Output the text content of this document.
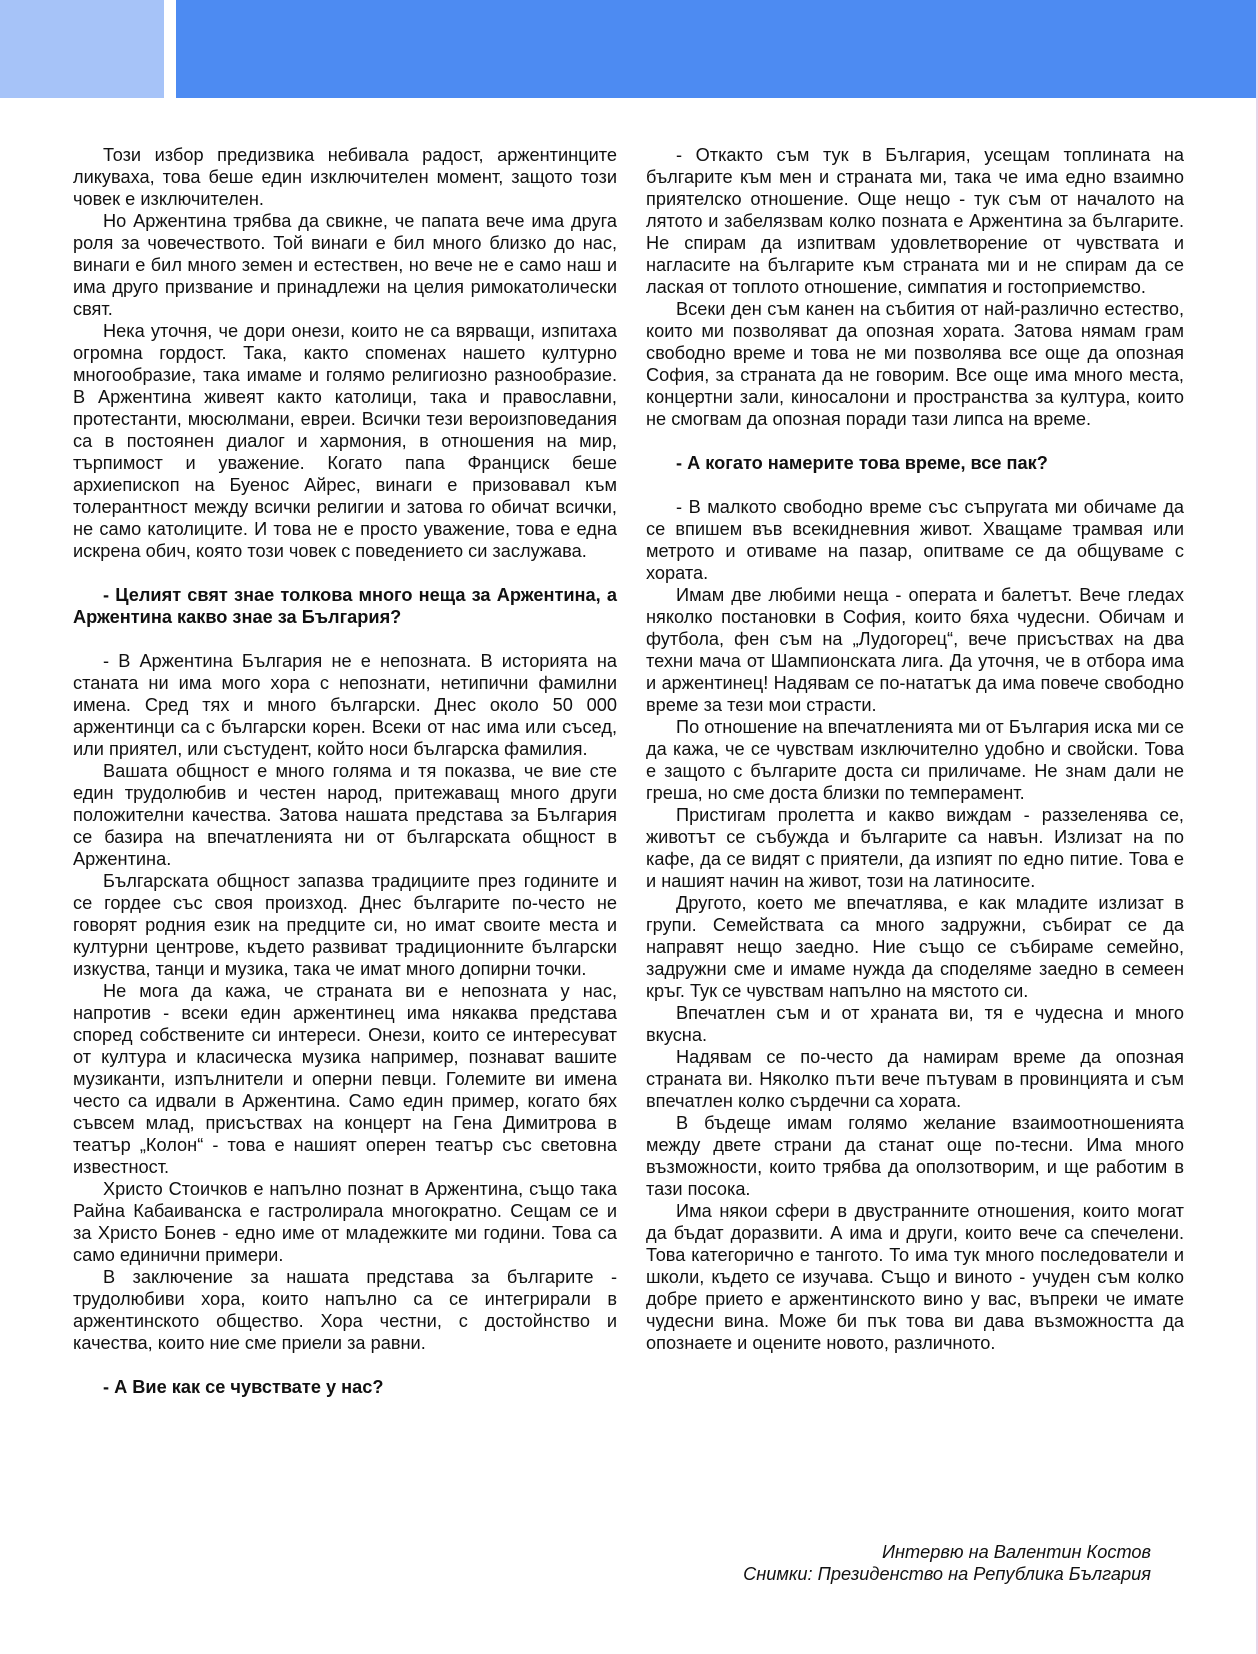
Този избор предизвика небивала радост, аржентинците ликуваха, това беше един изключителен момент, защото този човек е изключителен.

Но Аржентина трябва да свикне, че папата вече има друга роля за човечеството. Той винаги е бил много близко до нас, винаги е бил много земен и естествен, но вече не е само наш и има друго призвание и принадлежи на целия римокатолически свят.

Нека уточня, че дори онези, които не са вярващи, изпитаха огромна гордост. Така, както споменах нашето културно многообразие, така имаме и голямо религиозно разнообразие. В Аржентина живеят както католици, така и православни, протестанти, мюсюлмани, евреи. Всички тези вероизповедания са в постоянен диалог и хармония, в отношения на мир, търпимост и уважение. Когато папа Франциск беше архиепископ на Буенос Айрес, винаги е призовавал към толерантност между всички религии и затова го обичат всички, не само католиците. И това не е просто уважение, това е една искрена обич, която този човек с поведението си заслужава.

- Целият свят знае толкова много неща за Аржентина, а Аржентина какво знае за България?

- В Аржентина България не е непозната. В историята на станата ни има мого хора с непознати, нетипични фамилни имена. Сред тях и много български. Днес около 50 000 аржентинци са с български корен. Всеки от нас има или съсед, или приятел, или състудент, който носи българска фамилия.

Вашата общност е много голяма и тя показва, че вие сте един трудолюбив и честен народ, притежаващ много други положителни качества. Затова нашата представа за България се базира на впечатленията ни от българската общност в Аржентина.

Българската общност запазва традициите през годините и се гордее със своя произход. Днес българите по-често не говорят родния език на предците си, но имат своите места и културни центрове, където развиват традиционните български изкуства, танци и музика, така че имат много допирни точки.

Не мога да кажа, че страната ви е непозната у нас, напротив - всеки един аржентинец има някаква представа според собствените си интереси. Онези, които се интересуват от култура и класическа музика например, познават вашите музиканти, изпълнители и оперни певци. Големите ви имена често са идвали в Аржентина. Само един пример, когато бях съвсем млад, присъствах на концерт на Гена Димитрова в театър „Колон“ - това е нашият оперен театър със световна известност.

Христо Стоичков е напълно познат в Аржентина, също така Райна Кабаиванска е гастролирала многократно. Сещам се и за Христо Бонев - едно име от младежките ми години. Това са само единични примери.

В заключение за нашата представа за българите - трудолюбиви хора, които напълно са се интегрирали в аржентинското общество. Хора честни, с достойнство и качества, които ние сме приели за равни.

- А Вие как се чувствате у нас?

- Откакто съм тук в България, усещам топлината на българите към мен и страната ми, така че има едно взаимно приятелско отношение. Още нещо - тук съм от началото на лятото и забелязвам колко позната е Аржентина за българите. Не спирам да изпитвам удовлетворение от чувствата и нагласите на българите към страната ми и не спирам да се лаская от топлото отношение, симпатия и гостоприемство.

Всеки ден съм канен на събития от най-различно естество, които ми позволяват да опозная хората. Затова нямам грам свободно време и това не ми позволява все още да опозная София, за страната да не говорим. Все още има много места, концертни зали, киносалони и пространства за култура, които не смогвам да опозная поради тази липса на време.

- А когато намерите това време, все пак?

- В малкото свободно време със съпругата ми обичаме да се впишем във всекидневния живот. Хващаме трамвая или метрото и отиваме на пазар, опитваме се да общуваме с хората.

Имам две любими неща - операта и балетът. Вече гледах няколко постановки в София, които бяха чудесни. Обичам и футбола, фен съм на „Лудогорец“, вече присъствах на два техни мача от Шампионската лига. Да уточня, че в отбора има и аржентинец! Надявам се по-нататък да има повече свободно време за тези мои страсти.

По отношение на впечатленията ми от България иска ми се да кажа, че се чувствам изключително удобно и свойски. Това е защото с българите доста си приличаме. Не знам дали не греша, но сме доста близки по темперамент.

Пристигам пролетта и какво виждам - раззеленява се, животът се събужда и българите са навън. Излизат на по кафе, да се видят с приятели, да изпият по едно питие. Това е и нашият начин на живот, този на латиносите.

Другото, което ме впечатлява, е как младите излизат в групи. Семействата са много задружни, събират се да направят нещо заедно. Ние също се събираме семейно, задружни сме и имаме нужда да споделяме заедно в семеен кръг. Тук се чувствам напълно на мястото си.

Впечатлен съм и от храната ви, тя е чудесна и много вкусна.

Надявам се по-често да намирам време да опозная страната ви. Няколко пъти вече пътувам в провинцията и съм впечатлен колко сърдечни са хората.

В бъдеще имам голямо желание взаимоотношенията между двете страни да станат още по-тесни. Има много възможности, които трябва да оползотворим, и ще работим в тази посока.

Има някои сфери в двустранните отношения, които могат да бъдат доразвити. А има и други, които вече са спечелени. Това категорично е тангото. То има тук много последователи и школи, където се изучава. Също и виното - учуден съм колко добре прието е аржентинското вино у вас, въпреки че имате чудесни вина. Може би пък това ви дава възможността да опознаете и оцените новото, различното.

Интервю на Валентин Костов
Снимки: Президенство на Република България
